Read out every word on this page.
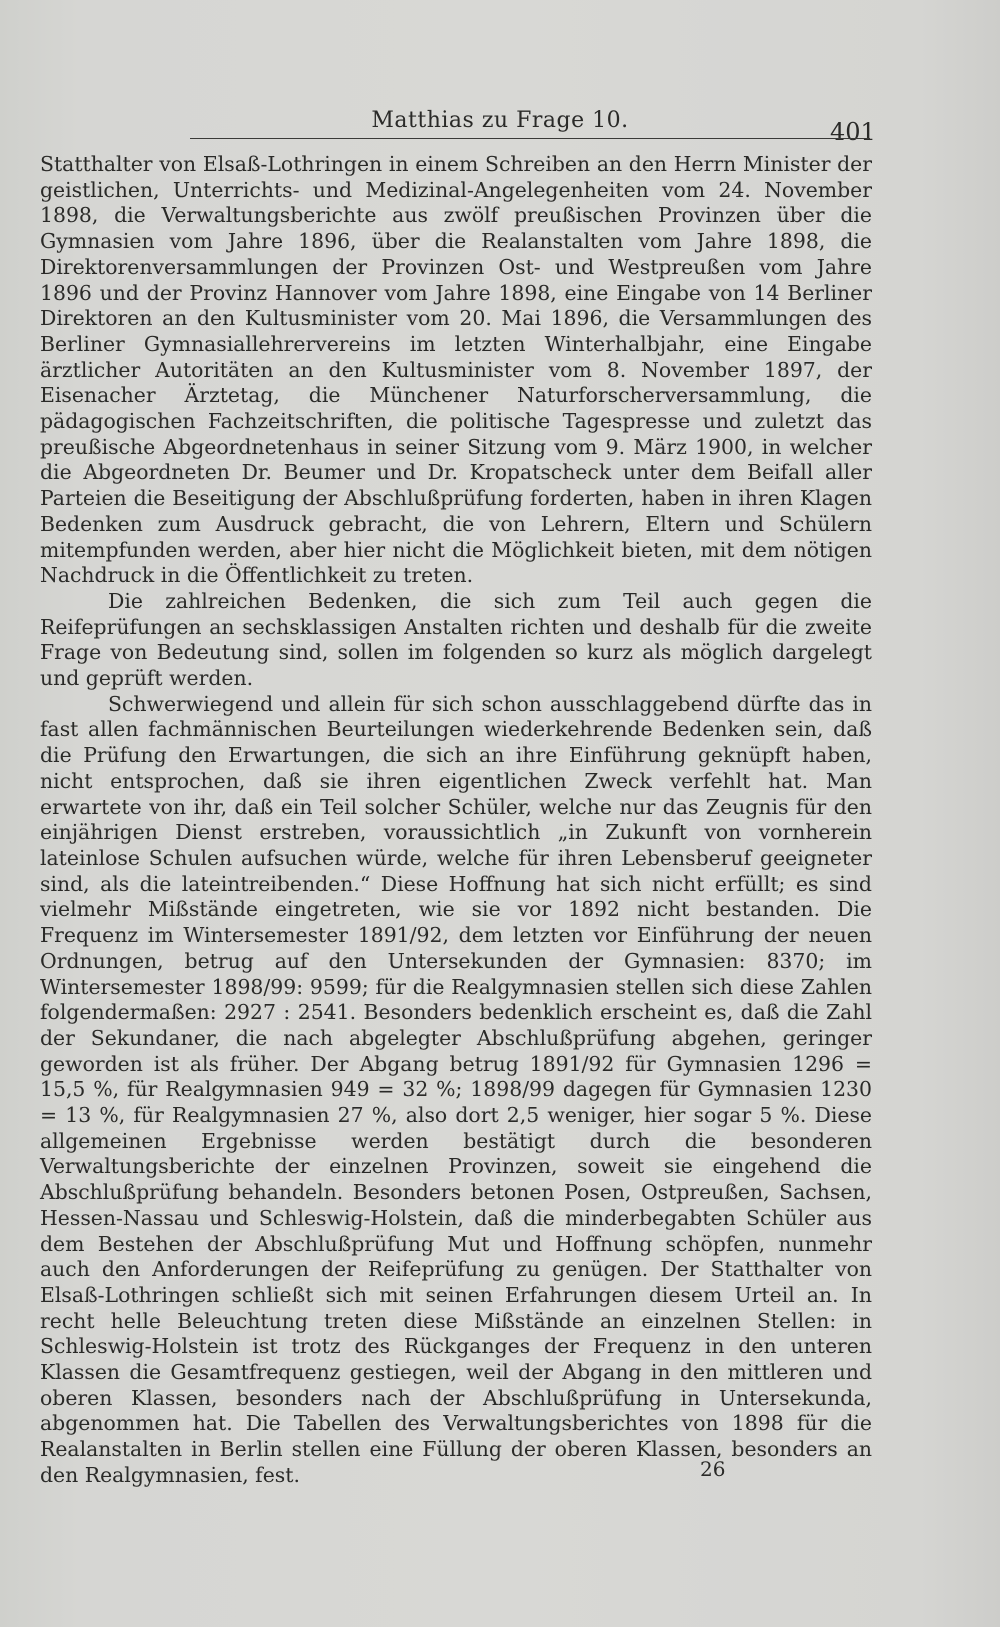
Matthias zu Frage 10.	401

Statthalter von Elsaß-Lothringen in einem Schreiben an den Herrn Minister der geistlichen, Unterrichts- und Medizinal-Angelegenheiten vom 24. November 1898, die Verwaltungsberichte aus zwölf preußischen Provinzen über die Gymnasien vom Jahre 1896, über die Realanstalten vom Jahre 1898, die Direktorenversammlungen der Provinzen Ost- und Westpreußen vom Jahre 1896 und der Provinz Hannover vom Jahre 1898, eine Eingabe von 14 Berliner Direktoren an den Kultusminister vom 20. Mai 1896, die Versammlungen des Berliner Gymnasiallehrervereins im letzten Winterhalbjahr, eine Eingabe ärztlicher Autoritäten an den Kultusminister vom 8. November 1897, der Eisenacher Ärztetag, die Münchener Naturforscherversammlung, die pädagogischen Fachzeitschriften, die politische Tagespresse und zuletzt das preußische Abgeordnetenhaus in seiner Sitzung vom 9. März 1900, in welcher die Abgeordneten Dr. Beumer und Dr. Kropatscheck unter dem Beifall aller Parteien die Beseitigung der Abschlußprüfung forderten, haben in ihren Klagen Bedenken zum Ausdruck gebracht, die von Lehrern, Eltern und Schülern mitempfunden werden, aber hier nicht die Möglichkeit bieten, mit dem nötigen Nachdruck in die Öffentlichkeit zu treten.

Die zahlreichen Bedenken, die sich zum Teil auch gegen die Reifeprüfungen an sechsklassigen Anstalten richten und deshalb für die zweite Frage von Bedeutung sind, sollen im folgenden so kurz als möglich dargelegt und geprüft werden.

Schwerwiegend und allein für sich schon ausschlaggebend dürfte das in fast allen fachmännischen Beurteilungen wiederkehrende Bedenken sein, daß die Prüfung den Erwartungen, die sich an ihre Einführung geknüpft haben, nicht entsprochen, daß sie ihren eigentlichen Zweck verfehlt hat. Man erwartete von ihr, daß ein Teil solcher Schüler, welche nur das Zeugnis für den einjährigen Dienst erstreben, voraussichtlich „in Zukunft von vornherein lateinlose Schulen aufsuchen würde, welche für ihren Lebensberuf geeigneter sind, als die lateintreibenden.“ Diese Hoffnung hat sich nicht erfüllt; es sind vielmehr Mißstände eingetreten, wie sie vor 1892 nicht bestanden. Die Frequenz im Wintersemester 1891/92, dem letzten vor Einführung der neuen Ordnungen, betrug auf den Untersekunden der Gymnasien: 8370; im Wintersemester 1898/99: 9599; für die Realgymnasien stellen sich diese Zahlen folgendermaßen: 2927 : 2541. Besonders bedenklich erscheint es, daß die Zahl der Sekundaner, die nach abgelegter Abschlußprüfung abgehen, geringer geworden ist als früher. Der Abgang betrug 1891/92 für Gymnasien 1296 = 15,5 %, für Realgymnasien 949 = 32 %; 1898/99 dagegen für Gymnasien 1230 = 13 %, für Realgymnasien 27 %, also dort 2,5 weniger, hier sogar 5 %. Diese allgemeinen Ergebnisse werden bestätigt durch die besonderen Verwaltungsberichte der einzelnen Provinzen, soweit sie eingehend die Abschlußprüfung behandeln. Besonders betonen Posen, Ostpreußen, Sachsen, Hessen-Nassau und Schleswig-Holstein, daß die minderbegabten Schüler aus dem Bestehen der Abschlußprüfung Mut und Hoffnung schöpfen, nunmehr auch den Anforderungen der Reifeprüfung zu genügen. Der Statthalter von Elsaß-Lothringen schließt sich mit seinen Erfahrungen diesem Urteil an. In recht helle Beleuchtung treten diese Mißstände an einzelnen Stellen: in Schleswig-Holstein ist trotz des Rückganges der Frequenz in den unteren Klassen die Gesamtfrequenz gestiegen, weil der Abgang in den mittleren und oberen Klassen, besonders nach der Abschlußprüfung in Untersekunda, abgenommen hat. Die Tabellen des Verwaltungsberichtes von 1898 für die Realanstalten in Berlin stellen eine Füllung der oberen Klassen, besonders an den Realgymnasien, fest.	26
